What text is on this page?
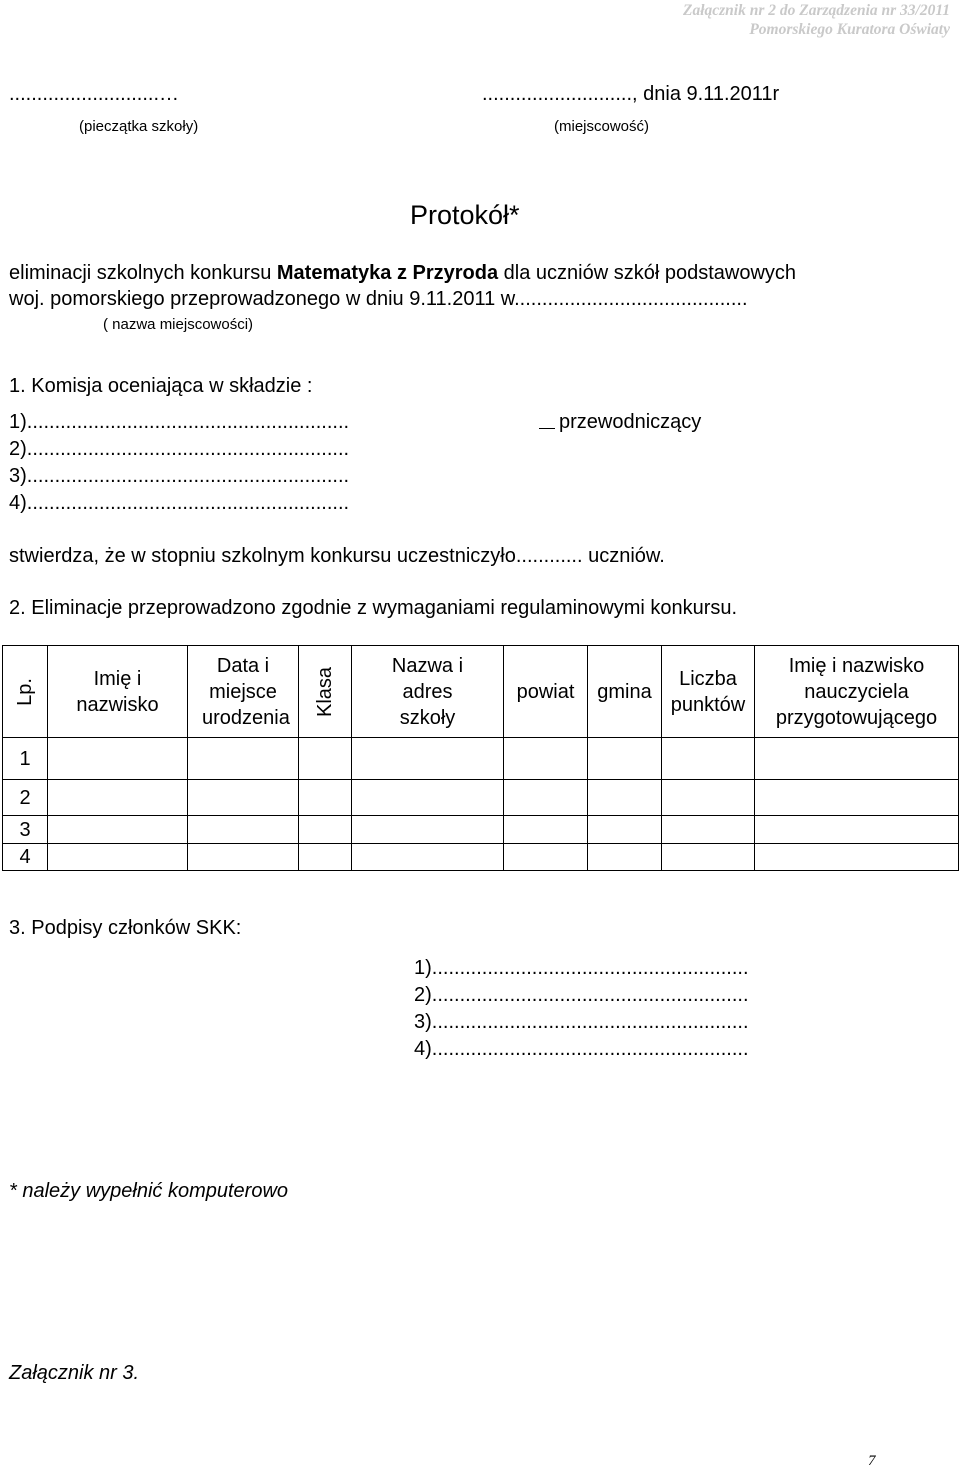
Załącznik nr 2 do Zarządzenia nr 33/2011
Pomorskiego Kuratora Oświaty
...........................…
(pieczątka szkoły)
..........................., dnia 9.11.2011r
(miejscowość)
Protokół*
eliminacji szkolnych konkursu Matematyka z Przyroda dla uczniów szkół podstawowych
woj. pomorskiego przeprowadzonego w dniu 9.11.2011 w..........................................
( nazwa miejscowości)
1. Komisja oceniająca w składzie :
1)..........................................................	przewodniczący
2)..........................................................
3)..........................................................
4)..........................................................
stwierdza, że w stopniu szkolnym konkursu uczestniczyło............ uczniów.
2. Eliminacje przeprowadzono zgodnie z wymaganiami regulaminowymi konkursu.
Lp.	Imię i nazwisko	Data i miejsce urodzenia	Klasa	Nazwa i adres szkoły	powiat	gmina	Liczba punktów	Imię i nazwisko nauczyciela przygotowującego

1								
2								
3								
4								
3. Podpisy członków SKK:
1).........................................................
2).........................................................
3).........................................................
4).........................................................
* należy wypełnić komputerowo
Załącznik nr 3.
7
